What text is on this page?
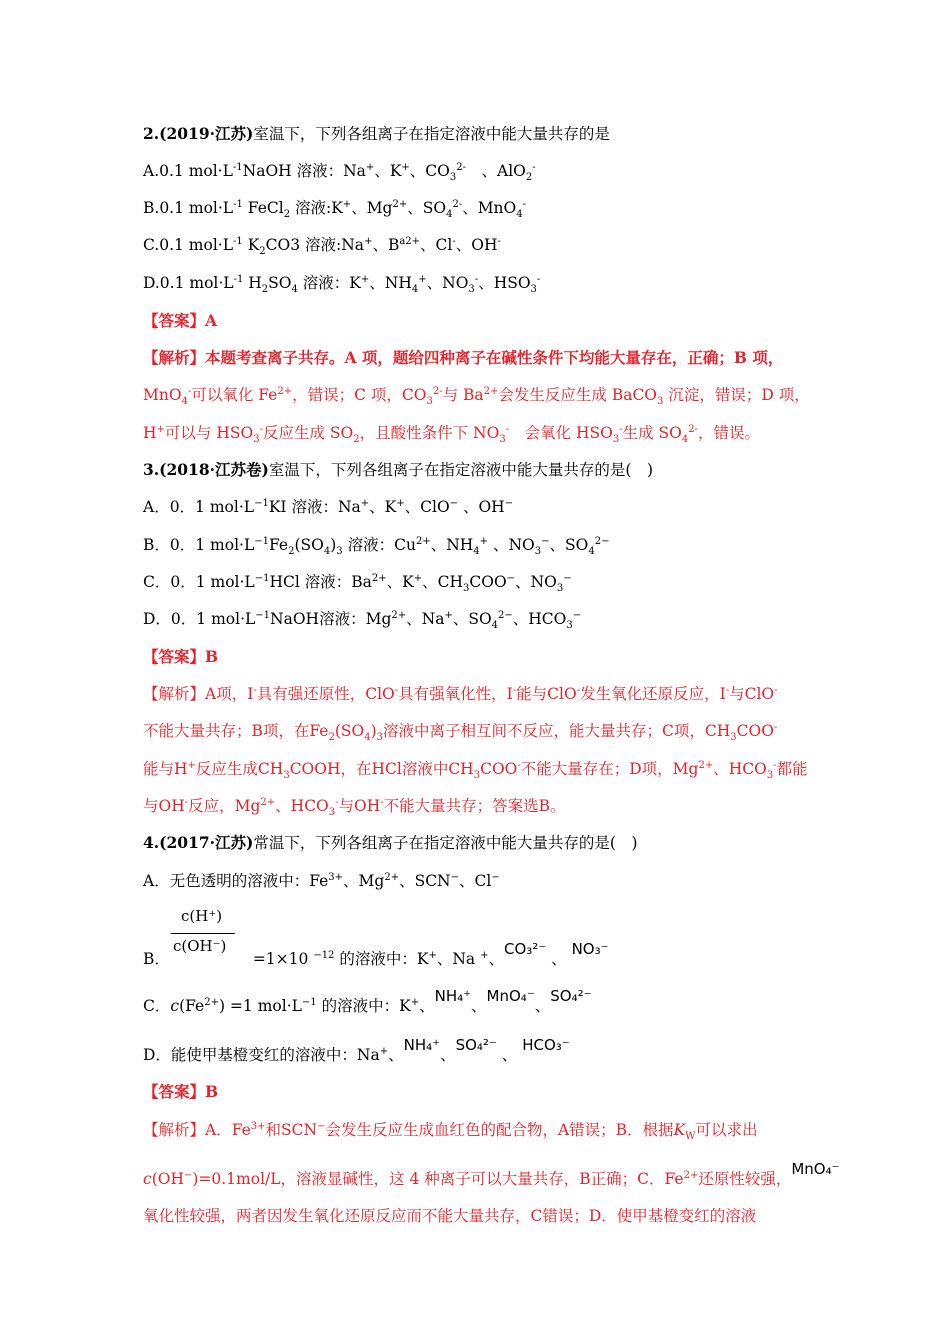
2.(2019·江苏)室温下，下列各组离子在指定溶液中能大量共存的是
A.0.1 $mol\cdot L^{-1}NaOH$ 溶液：Na+、K+、$CO_3^{2-}$　、AlO$_2$-
B.0.1 $mol\cdot L^{-1}$ FeCl$_2$ 溶液:K+、$Mg^{2+}$、$SO_4^{2-}$、MnO$_4$-
C.0.1 $mol\cdot L^{-1}$ $K_2CO3$ 溶液:Na+、$B^{a2+}$、Cl-、OH-
D.0.1 $mol\cdot L^{-1}$ $H_2SO_4$ 溶液：K+、$NH_4^+$、$NO_3^-$、$HSO_3^-$
【答案】A
【解析】本题考查离子共存。A 项，题给四种离子在碱性条件下均能大量存在，正确；B 项，
MnO$_4$-可以氧化 $Fe^{2+}$，错误；C 项，$CO_3^{2-}$与 $Ba^{2+}$会发生反应生成 BaCO$_3$ 沉淀，错误；D 项，
H+可以与 $HSO_3^-$反应生成 $SO_2$，且酸性条件下 $NO_3^-$　会氧化 $HSO_3^-$生成 $SO_4^{2-}$，错误。
3.(2018·江苏卷)室温下，下列各组离子在指定溶液中能大量共存的是(　)
A．0．1 $mol\cdot L^{-1}KI$ 溶液：Na+、K+、ClO− 、OH−
B．0．1 $mol\cdot L^{-1}Fe_2(SO_4)_3$ 溶液：$Cu^{2+}$、$NH_4^+$ 、$NO_3^-$、$SO_4^{2-}$
C．0．1 $mol\cdot L^{-1}HCl$ 溶液：$Ba^{2+}$、K+、$CH_3COO^-$、$NO_3^-$
D．0．1 $mol\cdot L^{-1}NaOH$溶液：$Mg^{2+}$、Na+、$SO_4^{2-}$、$HCO_3^-$
【答案】B
【解析】A项，I-具有强还原性，ClO-具有强氧化性，I-能与ClO-发生氧化还原反应，I-与ClO-
不能大量共存；B项，在$Fe_2(SO_4)_3$溶液中离子相互间不反应，能大量共存；C项，$CH_3COO^-$
能与H+反应生成$CH_3COOH$，在HCl溶液中$CH_3COO^-$不能大量存在；D项，$Mg^{2+}$、$HCO_3^-$都能
与OH-反应，$Mg^{2+}$、$HCO_3^-$与OH-不能大量共存；答案选B。
4.(2017·江苏)常温下，下列各组离子在指定溶液中能大量共存的是(　)
A．无色透明的溶液中：$Fe^{3+}$、$Mg^{2+}$、SCN−、Cl−
c(H⁺)
c(OH⁻)
B．	=1×10 $^{-12}$ 的溶液中：K+、Na +、CO₃²⁻ 、 NO₃⁻
C．$c(Fe^{2+}) =1$ $mol\cdot L^{-1}$ 的溶液中：K+、NH₄⁺、MnO₄⁻、SO₄²⁻
D．能使甲基橙变红的溶液中：Na+、NH₄⁺、SO₄²⁻ 、 HCO₃⁻
【答案】B
【解析】A．$Fe^{3+}$和SCN−会发生反应生成血红色的配合物，A错误；B．根据$K_W$可以求出
c(OH−)=0.1mol/L，溶液显碱性，这 4 种离子可以大量共存，B正确；C．$Fe^{2+}$还原性较强，MnO₄⁻
氧化性较强，两者因发生氧化还原反应而不能大量共存，C错误；D．使甲基橙变红的溶液
